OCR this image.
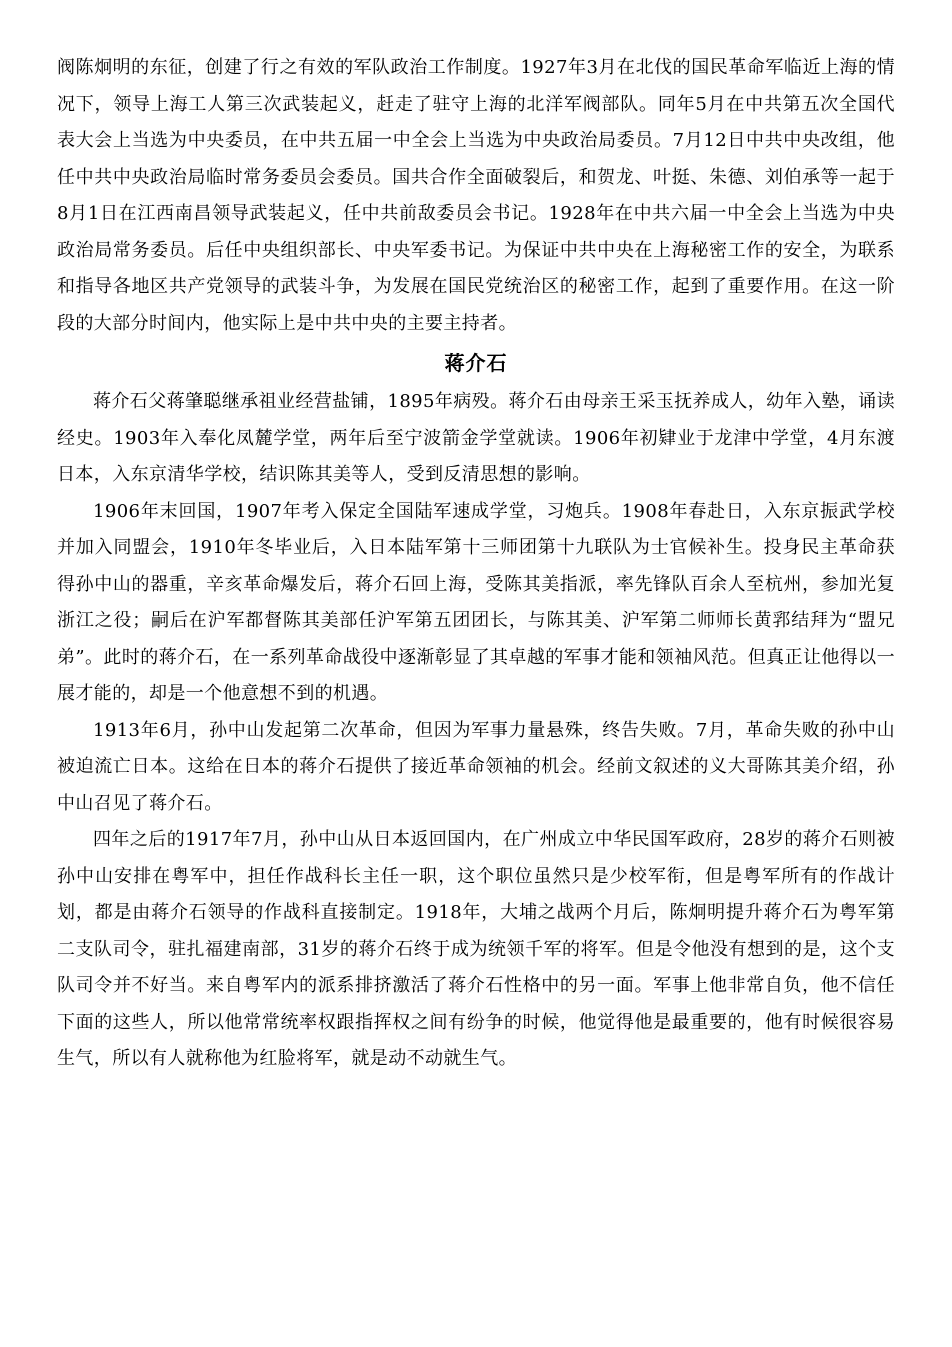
阀陈炯明的东征，创建了行之有效的军队政治工作制度。1927年3月在北伐的国民革命军临近上海的情况下，领导上海工人第三次武装起义，赶走了驻守上海的北洋军阀部队。同年5月在中共第五次全国代表大会上当选为中央委员，在中共五届一中全会上当选为中央政治局委员。7月12日中共中央改组，他任中共中央政治局临时常务委员会委员。国共合作全面破裂后，和贺龙、叶挺、朱德、刘伯承等一起于8月1日在江西南昌领导武装起义，任中共前敌委员会书记。1928年在中共六届一中全会上当选为中央政治局常务委员。后任中央组织部长、中央军委书记。为保证中共中央在上海秘密工作的安全，为联系和指导各地区共产党领导的武装斗争，为发展在国民党统治区的秘密工作，起到了重要作用。在这一阶段的大部分时间内，他实际上是中共中央的主要主持者。

蒋介石

蒋介石父蒋肇聪继承祖业经营盐铺，1895年病殁。蒋介石由母亲王采玉抚养成人，幼年入塾，诵读经史。1903年入奉化凤麓学堂，两年后至宁波箭金学堂就读。1906年初肄业于龙津中学堂，4月东渡日本，入东京清华学校，结识陈其美等人，受到反清思想的影响。

1906年末回国，1907年考入保定全国陆军速成学堂，习炮兵。1908年春赴日，入东京振武学校并加入同盟会，1910年冬毕业后，入日本陆军第十三师团第十九联队为士官候补生。投身民主革命获得孙中山的器重，辛亥革命爆发后，蒋介石回上海，受陈其美指派，率先锋队百余人至杭州，参加光复浙江之役；嗣后在沪军都督陈其美部任沪军第五团团长，与陈其美、沪军第二师师长黄郛结拜为“盟兄弟”。此时的蒋介石，在一系列革命战役中逐渐彰显了其卓越的军事才能和领袖风范。但真正让他得以一展才能的，却是一个他意想不到的机遇。

1913年6月，孙中山发起第二次革命，但因为军事力量悬殊，终告失败。7月，革命失败的孙中山被迫流亡日本。这给在日本的蒋介石提供了接近革命领袖的机会。经前文叙述的义大哥陈其美介绍，孙中山召见了蒋介石。

四年之后的1917年7月，孙中山从日本返回国内，在广州成立中华民国军政府，28岁的蒋介石则被孙中山安排在粤军中，担任作战科长主任一职，这个职位虽然只是少校军衔，但是粤军所有的作战计划，都是由蒋介石领导的作战科直接制定。1918年，大埔之战两个月后，陈炯明提升蒋介石为粤军第二支队司令，驻扎福建南部，31岁的蒋介石终于成为统领千军的将军。但是令他没有想到的是，这个支队司令并不好当。来自粤军内的派系排挤激活了蒋介石性格中的另一面。军事上他非常自负，他不信任下面的这些人，所以他常常统率权跟指挥权之间有纷争的时候，他觉得他是最重要的，他有时候很容易生气，所以有人就称他为红脸将军，就是动不动就生气。
